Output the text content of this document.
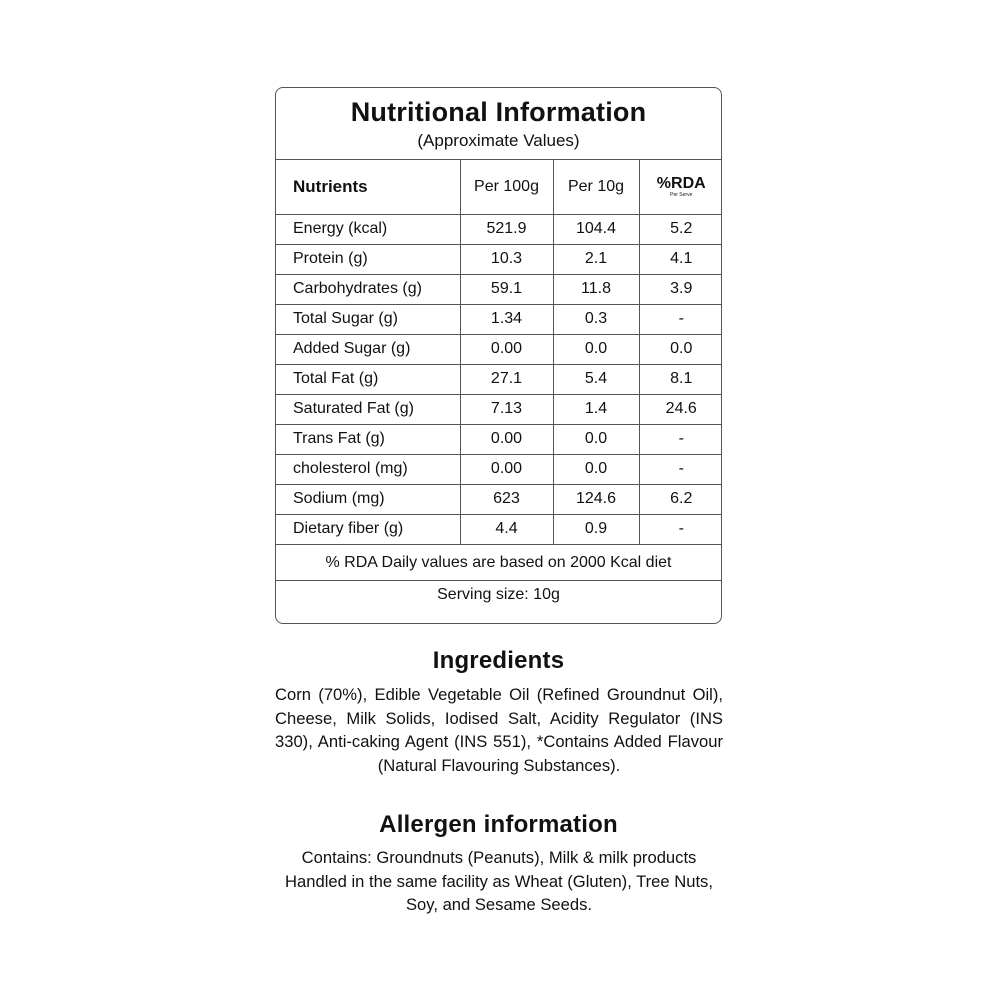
Nutritional Information
(Approximate Values)
Nutrients	Per 100g	Per 10g	%RDA
Per Serve

Energy (kcal)	521.9	104.4	5.2
Protein (g)	10.3	2.1	4.1
Carbohydrates (g)	59.1	11.8	3.9
Total Sugar (g)	1.34	0.3	-
Added Sugar (g)	0.00	0.0	0.0
Total Fat (g)	27.1	5.4	8.1
Saturated Fat (g)	7.13	1.4	24.6
Trans Fat (g)	0.00	0.0	-
cholesterol (mg)	0.00	0.0	-
Sodium (mg)	623	124.6	6.2
Dietary fiber (g)	4.4	0.9	-
% RDA Daily values are based on 2000 Kcal diet
Serving size: 10g
Ingredients
Corn (70%), Edible Vegetable Oil (Refined Groundnut Oil), Cheese, Milk Solids, Iodised Salt, Acidity Regulator (INS 330), Anti-caking Agent (INS 551), *Contains Added Flavour (Natural Flavouring Substances).
Allergen information
Contains: Groundnuts (Peanuts), Milk & milk products
Handled in the same facility as Wheat (Gluten), Tree Nuts, Soy, and Sesame Seeds.
